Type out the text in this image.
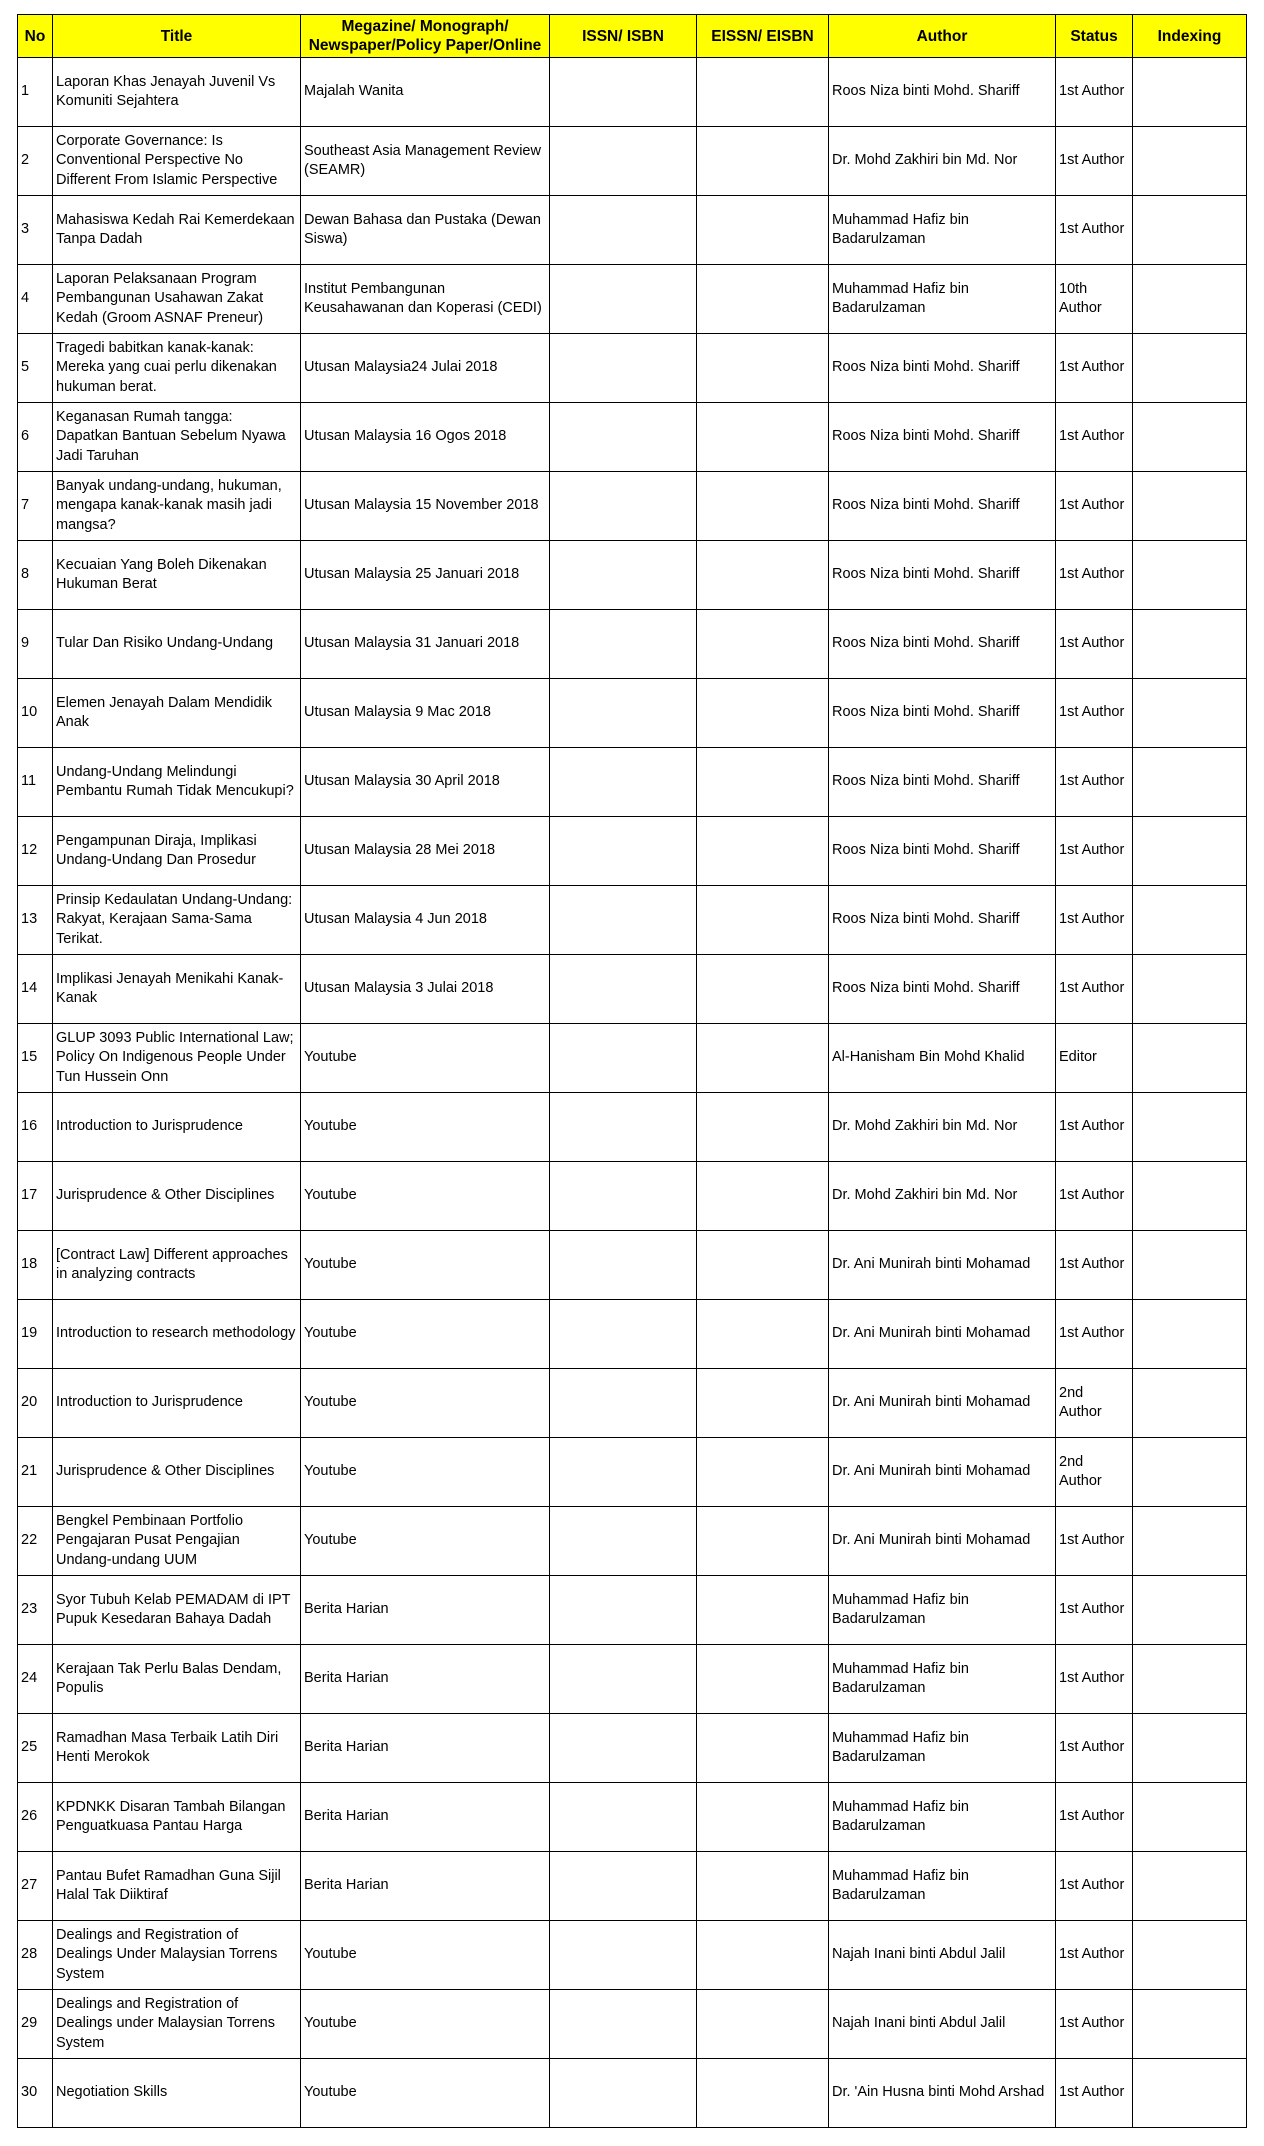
No	Title	Megazine/ Monograph/ Newspaper/Policy Paper/Online	ISSN/ ISBN	EISSN/ EISBN	Author	Status	Indexing
1	Laporan Khas Jenayah Juvenil Vs Komuniti Sejahtera	Majalah Wanita			Roos Niza binti Mohd. Shariff	1st Author	
2	Corporate Governance: Is Conventional Perspective No Different From Islamic Perspective	Southeast Asia Management Review (SEAMR)			Dr. Mohd Zakhiri bin Md. Nor	1st Author	
3	Mahasiswa Kedah Rai Kemerdekaan Tanpa Dadah	Dewan Bahasa dan Pustaka (Dewan Siswa)			Muhammad Hafiz bin Badarulzaman	1st Author	
4	Laporan Pelaksanaan Program Pembangunan Usahawan Zakat Kedah (Groom ASNAF Preneur)	Institut Pembangunan Keusahawanan dan Koperasi (CEDI)			Muhammad Hafiz bin Badarulzaman	10th Author	
5	Tragedi babitkan kanak-kanak: Mereka yang cuai perlu dikenakan hukuman berat.	Utusan Malaysia24 Julai 2018			Roos Niza binti Mohd. Shariff	1st Author	
6	Keganasan Rumah tangga: Dapatkan Bantuan Sebelum Nyawa Jadi Taruhan	Utusan Malaysia 16 Ogos 2018			Roos Niza binti Mohd. Shariff	1st Author	
7	Banyak undang-undang, hukuman, mengapa kanak-kanak masih jadi mangsa?	Utusan Malaysia 15 November 2018			Roos Niza binti Mohd. Shariff	1st Author	
8	Kecuaian Yang Boleh Dikenakan Hukuman Berat	Utusan Malaysia 25 Januari 2018			Roos Niza binti Mohd. Shariff	1st Author	
9	Tular Dan Risiko Undang-Undang	Utusan Malaysia 31 Januari 2018			Roos Niza binti Mohd. Shariff	1st Author	
10	Elemen Jenayah Dalam Mendidik Anak	Utusan Malaysia 9 Mac 2018			Roos Niza binti Mohd. Shariff	1st Author	
11	Undang-Undang Melindungi Pembantu Rumah Tidak Mencukupi?	Utusan Malaysia 30 April 2018			Roos Niza binti Mohd. Shariff	1st Author	
12	Pengampunan Diraja, Implikasi Undang-Undang Dan Prosedur	Utusan Malaysia 28 Mei 2018			Roos Niza binti Mohd. Shariff	1st Author	
13	Prinsip Kedaulatan Undang-Undang: Rakyat, Kerajaan Sama-Sama Terikat.	Utusan Malaysia 4 Jun 2018			Roos Niza binti Mohd. Shariff	1st Author	
14	Implikasi Jenayah Menikahi Kanak-Kanak	Utusan Malaysia 3 Julai 2018			Roos Niza binti Mohd. Shariff	1st Author	
15	GLUP 3093 Public International Law; Policy On Indigenous People Under Tun Hussein Onn	Youtube			Al-Hanisham Bin Mohd Khalid	Editor	
16	Introduction to Jurisprudence	Youtube			Dr. Mohd Zakhiri bin Md. Nor	1st Author	
17	Jurisprudence & Other Disciplines	Youtube			Dr. Mohd Zakhiri bin Md. Nor	1st Author	
18	[Contract Law] Different approaches in analyzing contracts	Youtube			Dr. Ani Munirah binti Mohamad	1st Author	
19	Introduction to research methodology	Youtube			Dr. Ani Munirah binti Mohamad	1st Author	
20	Introduction to Jurisprudence	Youtube			Dr. Ani Munirah binti Mohamad	2nd Author	
21	Jurisprudence & Other Disciplines	Youtube			Dr. Ani Munirah binti Mohamad	2nd Author	
22	Bengkel Pembinaan Portfolio Pengajaran Pusat Pengajian Undang-undang UUM	Youtube			Dr. Ani Munirah binti Mohamad	1st Author	
23	Syor Tubuh Kelab PEMADAM di IPT Pupuk Kesedaran Bahaya Dadah	Berita Harian			Muhammad Hafiz bin Badarulzaman	1st Author	
24	Kerajaan Tak Perlu Balas Dendam, Populis	Berita Harian			Muhammad Hafiz bin Badarulzaman	1st Author	
25	Ramadhan Masa Terbaik Latih Diri Henti Merokok	Berita Harian			Muhammad Hafiz bin Badarulzaman	1st Author	
26	KPDNKK Disaran Tambah Bilangan Penguatkuasa Pantau Harga	Berita Harian			Muhammad Hafiz bin Badarulzaman	1st Author	
27	Pantau Bufet Ramadhan Guna Sijil Halal Tak Diiktiraf	Berita Harian			Muhammad Hafiz bin Badarulzaman	1st Author	
28	Dealings and Registration of Dealings Under Malaysian Torrens System	Youtube			Najah Inani binti Abdul Jalil	1st Author	
29	Dealings and Registration of Dealings under Malaysian Torrens System	Youtube			Najah Inani binti Abdul Jalil	1st Author	
30	Negotiation Skills	Youtube			Dr. 'Ain Husna binti Mohd Arshad	1st Author	
